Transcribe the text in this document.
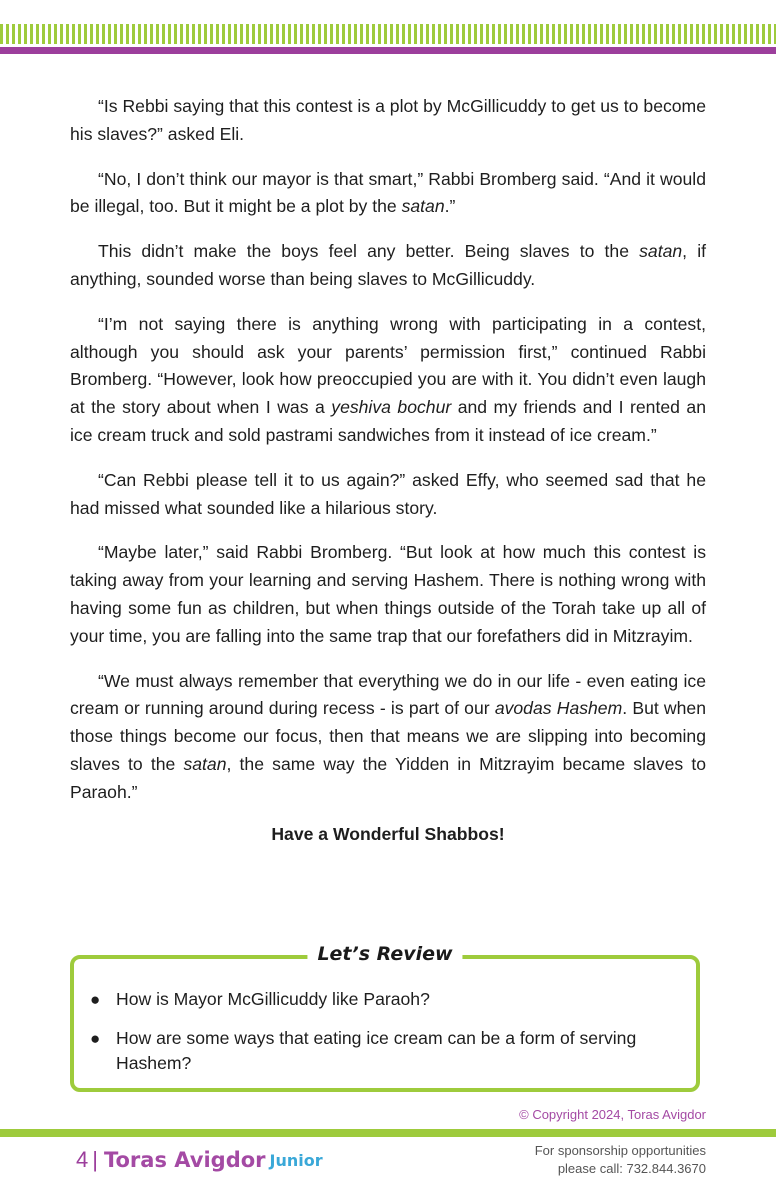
“Is Rebbi saying that this contest is a plot by McGillicuddy to get us to become his slaves?” asked Eli.

“No, I don’t think our mayor is that smart,” Rabbi Bromberg said. “And it would be illegal, too. But it might be a plot by the satan.”

This didn’t make the boys feel any better. Being slaves to the satan, if anything, sounded worse than being slaves to McGillicuddy.

“I’m not saying there is anything wrong with participating in a contest, although you should ask your parents’ permission first,” continued Rabbi Bromberg. “However, look how preoccupied you are with it. You didn’t even laugh at the story about when I was a yeshiva bochur and my friends and I rented an ice cream truck and sold pastrami sandwiches from it instead of ice cream.”

“Can Rebbi please tell it to us again?” asked Effy, who seemed sad that he had missed what sounded like a hilarious story.

“Maybe later,” said Rabbi Bromberg. “But look at how much this contest is taking away from your learning and serving Hashem. There is nothing wrong with having some fun as children, but when things outside of the Torah take up all of your time, you are falling into the same trap that our forefathers did in Mitzrayim.

“We must always remember that everything we do in our life - even eating ice cream or running around during recess - is part of our avodas Hashem. But when those things become our focus, then that means we are slipping into becoming slaves to the satan, the same way the Yidden in Mitzrayim became slaves to Paraoh.”

Have a Wonderful Shabbos!

Let’s Review
● How is Mayor McGillicuddy like Paraoh?
● How are some ways that eating ice cream can be a form of serving Hashem?
© Copyright 2024, Toras Avigdor
4 | Toras Avigdor Junior	For sponsorship opportunities
please call: 732.844.3670
